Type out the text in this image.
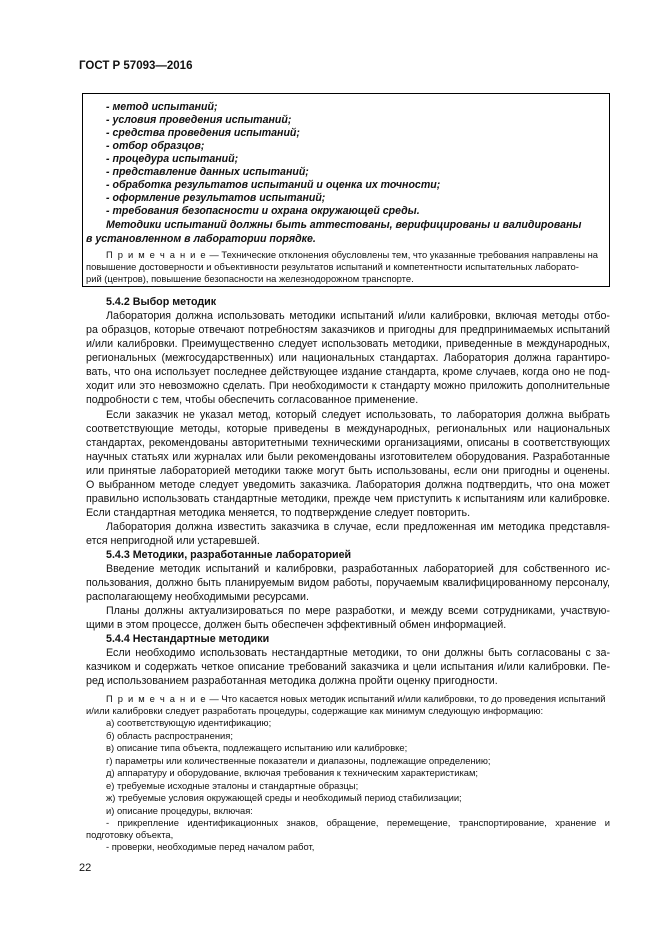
ГОСТ Р 57093—2016
- метод испытаний;
- условия проведения испытаний;
- средства проведения испытаний;
- отбор образцов;
- процедура испытаний;
- представление данных испытаний;
- обработка результатов испытаний и оценка их точности;
- оформление результатов испытаний;
- требования безопасности и охрана окружающей среды.
Методики испытаний должны быть аттестованы, верифицированы и валидированы
в установленном в лаборатории порядке.
П р и м е ч а н и е — Технические отклонения обусловлены тем, что указанные требования направлены на
повышение достоверности и объективности результатов испытаний и компетентности испытательных лаборато-
рий (центров), повышение безопасности на железнодорожном транспорте.
5.4.2 Выбор методик
Лаборатория должна использовать методики испытаний и/или калибровки, включая методы отбо-
ра образцов, которые отвечают потребностям заказчиков и пригодны для предпринимаемых испытаний
и/или калибровки. Преимущественно следует использовать методики, приведенные в международных,
региональных (межгосударственных) или национальных стандартах. Лаборатория должна гарантиро-
вать, что она использует последнее действующее издание стандарта, кроме случаев, когда оно не под-
ходит или это невозможно сделать. При необходимости к стандарту можно приложить дополнительные
подробности с тем, чтобы обеспечить согласованное применение.
Если заказчик не указал метод, который следует использовать, то лаборатория должна выбрать
соответствующие методы, которые приведены в международных, региональных или национальных
стандартах, рекомендованы авторитетными техническими организациями, описаны в соответствующих
научных статьях или журналах или были рекомендованы изготовителем оборудования. Разработанные
или принятые лабораторией методики также могут быть использованы, если они пригодны и оценены.
О выбранном методе следует уведомить заказчика. Лаборатория должна подтвердить, что она может
правильно использовать стандартные методики, прежде чем приступить к испытаниям или калибровке.
Если стандартная методика меняется, то подтверждение следует повторить.
Лаборатория должна известить заказчика в случае, если предложенная им методика представля-
ется непригодной или устаревшей.
5.4.3 Методики, разработанные лабораторией
Введение методик испытаний и калибровки, разработанных лабораторией для собственного ис-
пользования, должно быть планируемым видом работы, поручаемым квалифицированному персоналу,
располагающему необходимыми ресурсами.
Планы должны актуализироваться по мере разработки, и между всеми сотрудниками, участвую-
щими в этом процессе, должен быть обеспечен эффективный обмен информацией.
5.4.4 Нестандартные методики
Если необходимо использовать нестандартные методики, то они должны быть согласованы с за-
казчиком и содержать четкое описание требований заказчика и цели испытания и/или калибровки. Пе-
ред использованием разработанная методика должна пройти оценку пригодности.
П р и м е ч а н и е — Что касается новых методик испытаний и/или калибровки, то до проведения испытаний
и/или калибровки следует разработать процедуры, содержащие как минимум следующую информацию:
а) соответствующую идентификацию;
б) область распространения;
в) описание типа объекта, подлежащего испытанию или калибровке;
г) параметры или количественные показатели и диапазоны, подлежащие определению;
д) аппаратуру и оборудование, включая требования к техническим характеристикам;
е) требуемые исходные эталоны и стандартные образцы;
ж) требуемые условия окружающей среды и необходимый период стабилизации;
и) описание процедуры, включая:
- прикрепление идентификационных знаков, обращение, перемещение, транспортирование, хранение и
подготовку объекта,
- проверки, необходимые перед началом работ,
22
